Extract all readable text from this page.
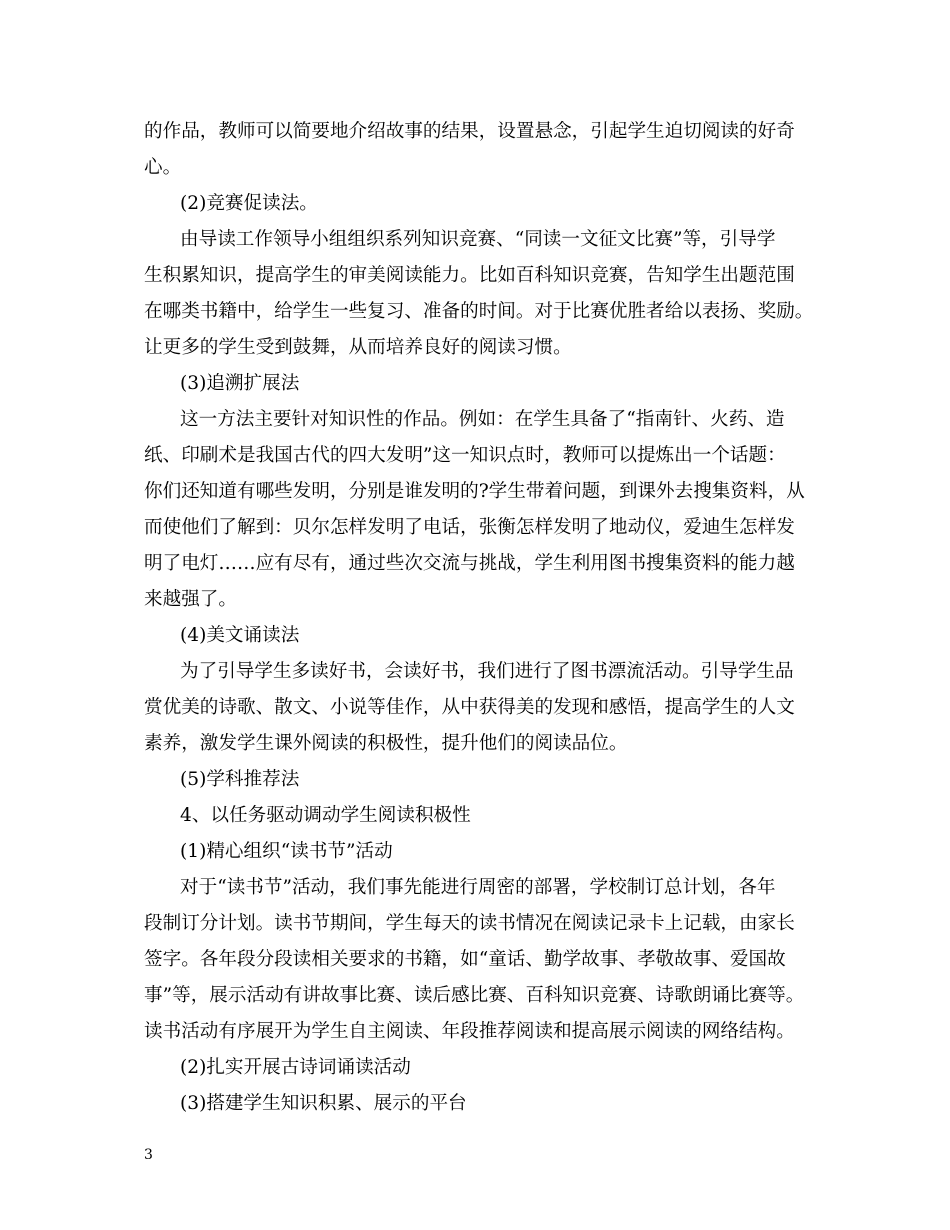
的作品，教师可以简要地介绍故事的结果，设置悬念，引起学生迫切阅读的好奇
心。
(2)竞赛促读法。
由导读工作领导小组组织系列知识竞赛、“同读一文征文比赛”等，引导学
生积累知识，提高学生的审美阅读能力。比如百科知识竞赛，告知学生出题范围
在哪类书籍中，给学生一些复习、准备的时间。对于比赛优胜者给以表扬、奖励。
让更多的学生受到鼓舞，从而培养良好的阅读习惯。
(3)追溯扩展法
这一方法主要针对知识性的作品。例如：在学生具备了“指南针、火药、造
纸、印刷术是我国古代的四大发明”这一知识点时，教师可以提炼出一个话题：
你们还知道有哪些发明，分别是谁发明的?学生带着问题，到课外去搜集资料，从
而使他们了解到：贝尔怎样发明了电话，张衡怎样发明了地动仪，爱迪生怎样发
明了电灯……应有尽有，通过些次交流与挑战，学生利用图书搜集资料的能力越
来越强了。
(4)美文诵读法
为了引导学生多读好书，会读好书，我们进行了图书漂流活动。引导学生品
赏优美的诗歌、散文、小说等佳作，从中获得美的发现和感悟，提高学生的人文
素养，激发学生课外阅读的积极性，提升他们的阅读品位。
(5)学科推荐法
4、以任务驱动调动学生阅读积极性
(1)精心组织“读书节”活动
对于“读书节”活动，我们事先能进行周密的部署，学校制订总计划，各年
段制订分计划。读书节期间，学生每天的读书情况在阅读记录卡上记载，由家长
签字。各年段分段读相关要求的书籍，如“童话、勤学故事、孝敬故事、爱国故
事”等，展示活动有讲故事比赛、读后感比赛、百科知识竞赛、诗歌朗诵比赛等。
读书活动有序展开为学生自主阅读、年段推荐阅读和提高展示阅读的网络结构。
(2)扎实开展古诗词诵读活动
(3)搭建学生知识积累、展示的平台
3
